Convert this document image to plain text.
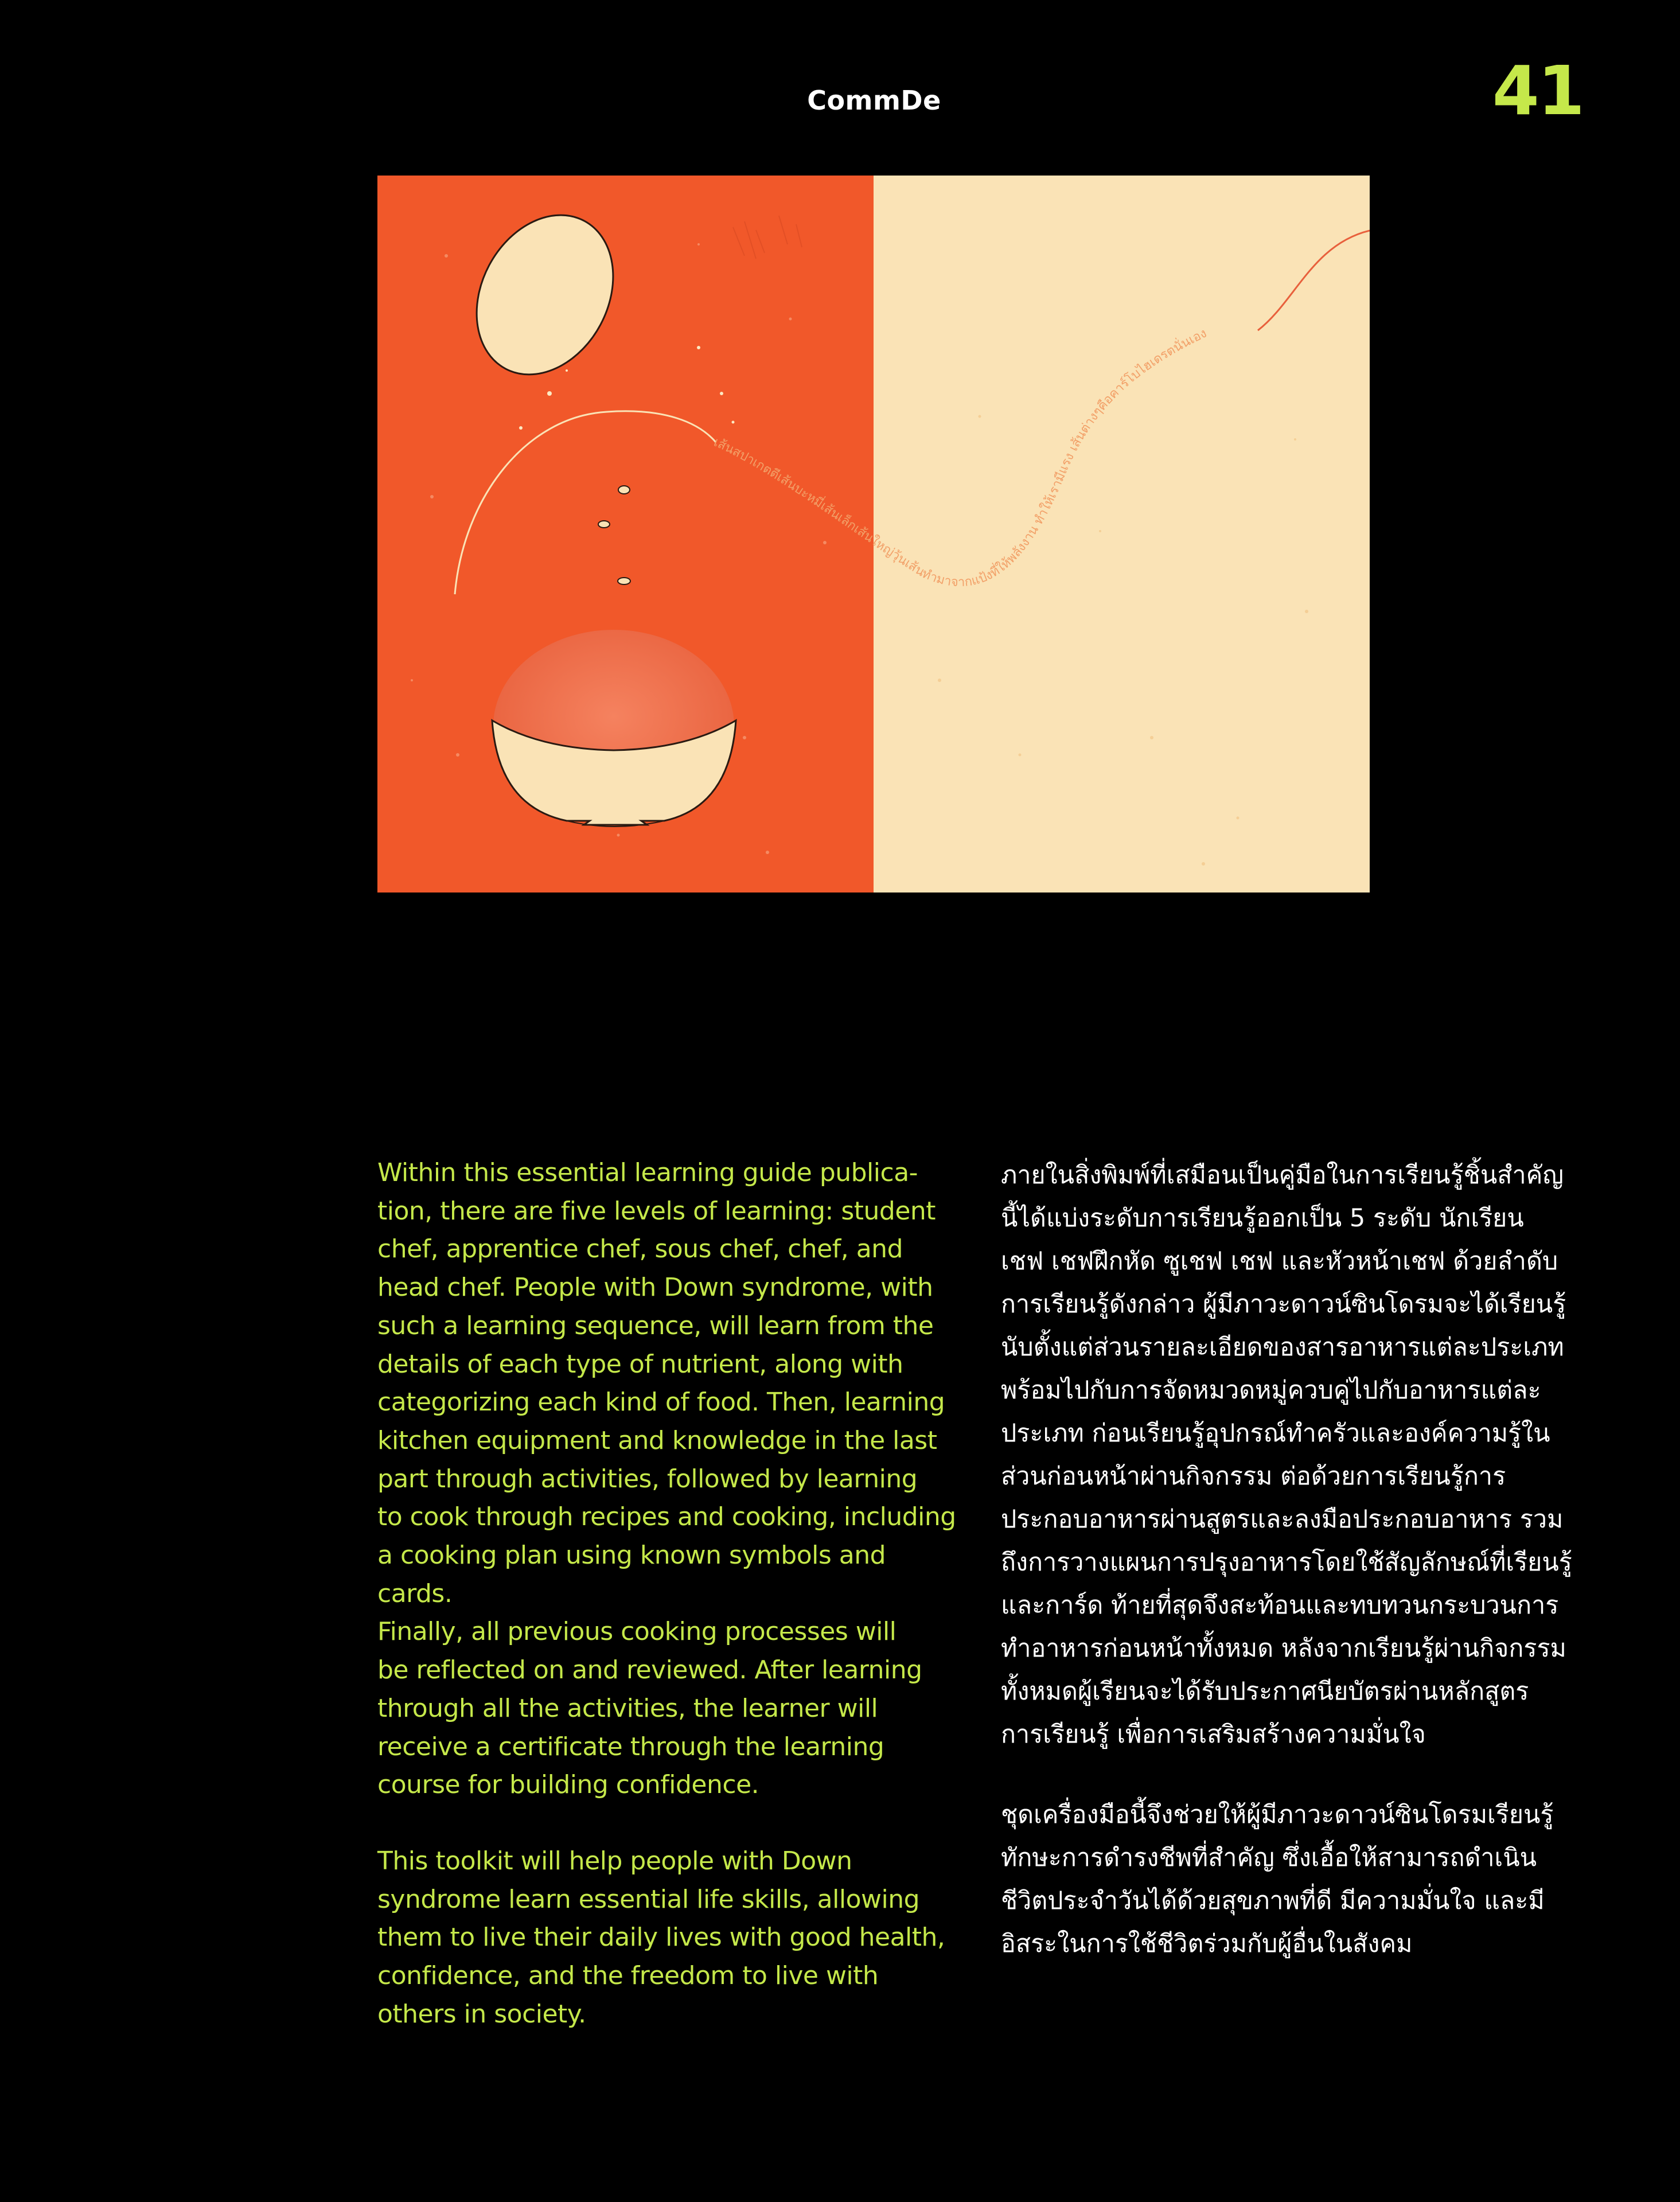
CommDe	41
เส้นสปาเกตตีเส้นบะหมี่เส้นเล็กเส้นใหญ่วุ้นเส้นทำมาจากแป้งที่ให้พลังงาน ทำให้เรามีแรง เส้นต่างๆคือคาร์โบไฮเดรตนั่นเอง

Within this essential learning guide publica-
tion, there are five levels of learning: student
chef, apprentice chef, sous chef, chef, and
head chef. People with Down syndrome, with
such a learning sequence, will learn from the
details of each type of nutrient, along with
categorizing each kind of food. Then, learning
kitchen equipment and knowledge in the last
part through activities, followed by learning
to cook through recipes and cooking, including
a cooking plan using known symbols and cards.
Finally, all previous cooking processes will
be reflected on and reviewed. After learning
through all the activities, the learner will
receive a certificate through the learning
course for building confidence.

This toolkit will help people with Down
syndrome learn essential life skills, allowing
them to live their daily lives with good health,
confidence, and the freedom to live with
others in society.

ภายในสิ่งพิมพ์ที่เสมือนเป็นคู่มือในการเรียนรู้ชิ้นสำคัญ
นี้ได้แบ่งระดับการเรียนรู้ออกเป็น 5 ระดับ นักเรียน
เชฟ เชฟฝึกหัด ซูเชฟ เชฟ และหัวหน้าเชฟ ด้วยลำดับ
การเรียนรู้ดังกล่าว ผู้มีภาวะดาวน์ซินโดรมจะได้เรียนรู้
นับตั้งแต่ส่วนรายละเอียดของสารอาหารแต่ละประเภท
พร้อมไปกับการจัดหมวดหมู่ควบคู่ไปกับอาหารแต่ละ
ประเภท ก่อนเรียนรู้อุปกรณ์ทำครัวและองค์ความรู้ใน
ส่วนก่อนหน้าผ่านกิจกรรม ต่อด้วยการเรียนรู้การ
ประกอบอาหารผ่านสูตรและลงมือประกอบอาหาร รวม
ถึงการวางแผนการปรุงอาหารโดยใช้สัญลักษณ์ที่เรียนรู้
และการ์ด ท้ายที่สุดจึงสะท้อนและทบทวนกระบวนการ
ทำอาหารก่อนหน้าทั้งหมด หลังจากเรียนรู้ผ่านกิจกรรม
ทั้งหมดผู้เรียนจะได้รับประกาศนียบัตรผ่านหลักสูตร
การเรียนรู้ เพื่อการเสริมสร้างความมั่นใจ

ชุดเครื่องมือนี้จึงช่วยให้ผู้มีภาวะดาวน์ซินโดรมเรียนรู้
ทักษะการดำรงชีพที่สำคัญ ซึ่งเอื้อให้สามารถดำเนิน
ชีวิตประจำวันได้ด้วยสุขภาพที่ดี มีความมั่นใจ และมี
อิสระในการใช้ชีวิตร่วมกับผู้อื่นในสังคม
